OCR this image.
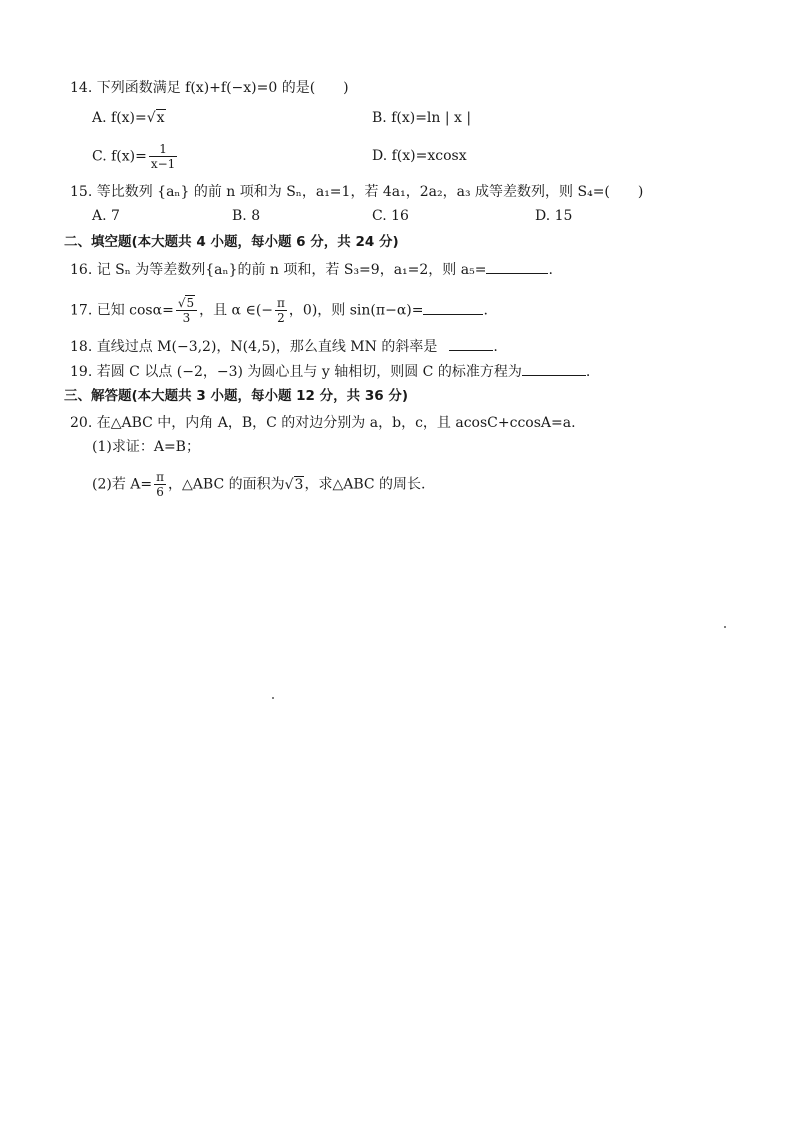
14. 下列函数满足 f(x)+f(−x)=0 的是(　　)
A. f(x)=√x	B. f(x)=ln | x |
C. $f(x)= \frac{1}{x-1}$	D. f(x)=xcosx
15. 等比数列 {aₙ} 的前 n 项和为 Sₙ，a₁=1，若 4a₁，2a₂，a₃ 成等差数列，则 S₄=(　　)
A. 7	B. 8	C. 16	D. 15
二、填空题(本大题共 4 小题，每小题 6 分，共 24 分)
16. 记 Sₙ 为等差数列{aₙ}的前 n 项和，若 S₃=9，a₁=2，则 a₅=	.
17. 已知 $\cos\alpha= \frac{√5}{3}$ ，且 α ∈(− $\frac{\pi}{2}$ ，0)，则 sin(π−α)=	.
18. 直线过点 M(−3,2)，N(4,5)，那么直线 MN 的斜率是	.
19. 若圆 C 以点 (−2，−3) 为圆心且与 y 轴相切，则圆 C 的标准方程为	.
三、解答题(本大题共 3 小题，每小题 12 分，共 36 分)
20. 在△ABC 中，内角 A，B，C 的对边分别为 a，b，c，且 acosC+ccosA=a.
(1)求证：A=B；
(2)若 $A= \frac{\pi}{6}$ ，△ABC 的面积为√3，求△ABC 的周长.
